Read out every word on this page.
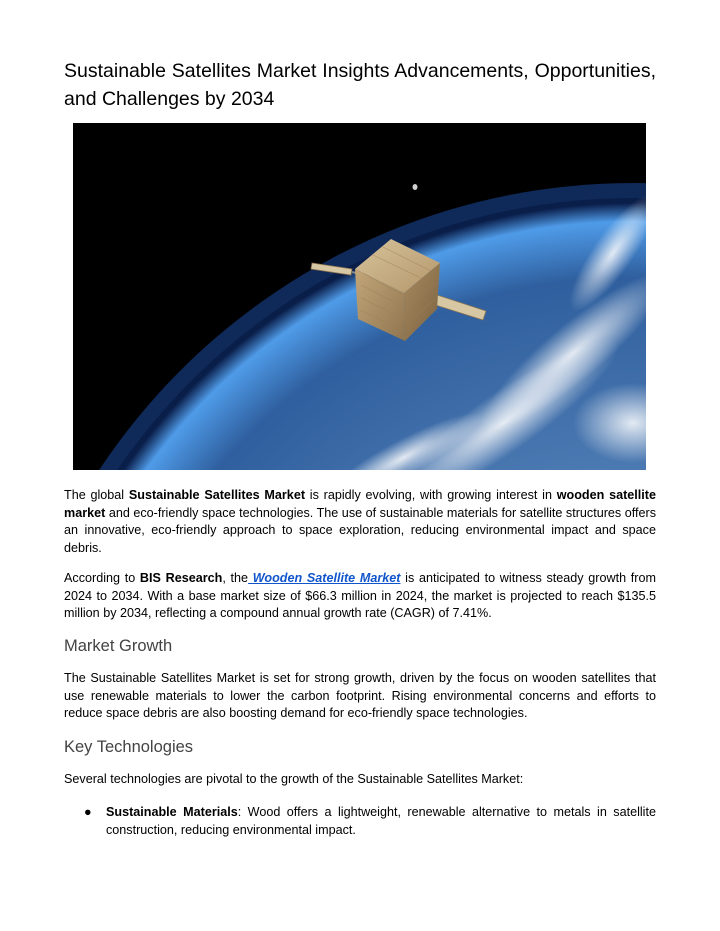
Sustainable Satellites Market Insights Advancements, Opportunities, and Challenges by 2034

The global Sustainable Satellites Market is rapidly evolving, with growing interest in wooden satellite market and eco-friendly space technologies. The use of sustainable materials for satellite structures offers an innovative, eco-friendly approach to space exploration, reducing environmental impact and space debris.

According to BIS Research, the Wooden Satellite Market is anticipated to witness steady growth from 2024 to 2034. With a base market size of $66.3 million in 2024, the market is projected to reach $135.5 million by 2034, reflecting a compound annual growth rate (CAGR) of 7.41%.

Market Growth

The Sustainable Satellites Market is set for strong growth, driven by the focus on wooden satellites that use renewable materials to lower the carbon footprint. Rising environmental concerns and efforts to reduce space debris are also boosting demand for eco-friendly space technologies.

Key Technologies

Several technologies are pivotal to the growth of the Sustainable Satellites Market:

● Sustainable Materials: Wood offers a lightweight, renewable alternative to metals in satellite construction, reducing environmental impact.
